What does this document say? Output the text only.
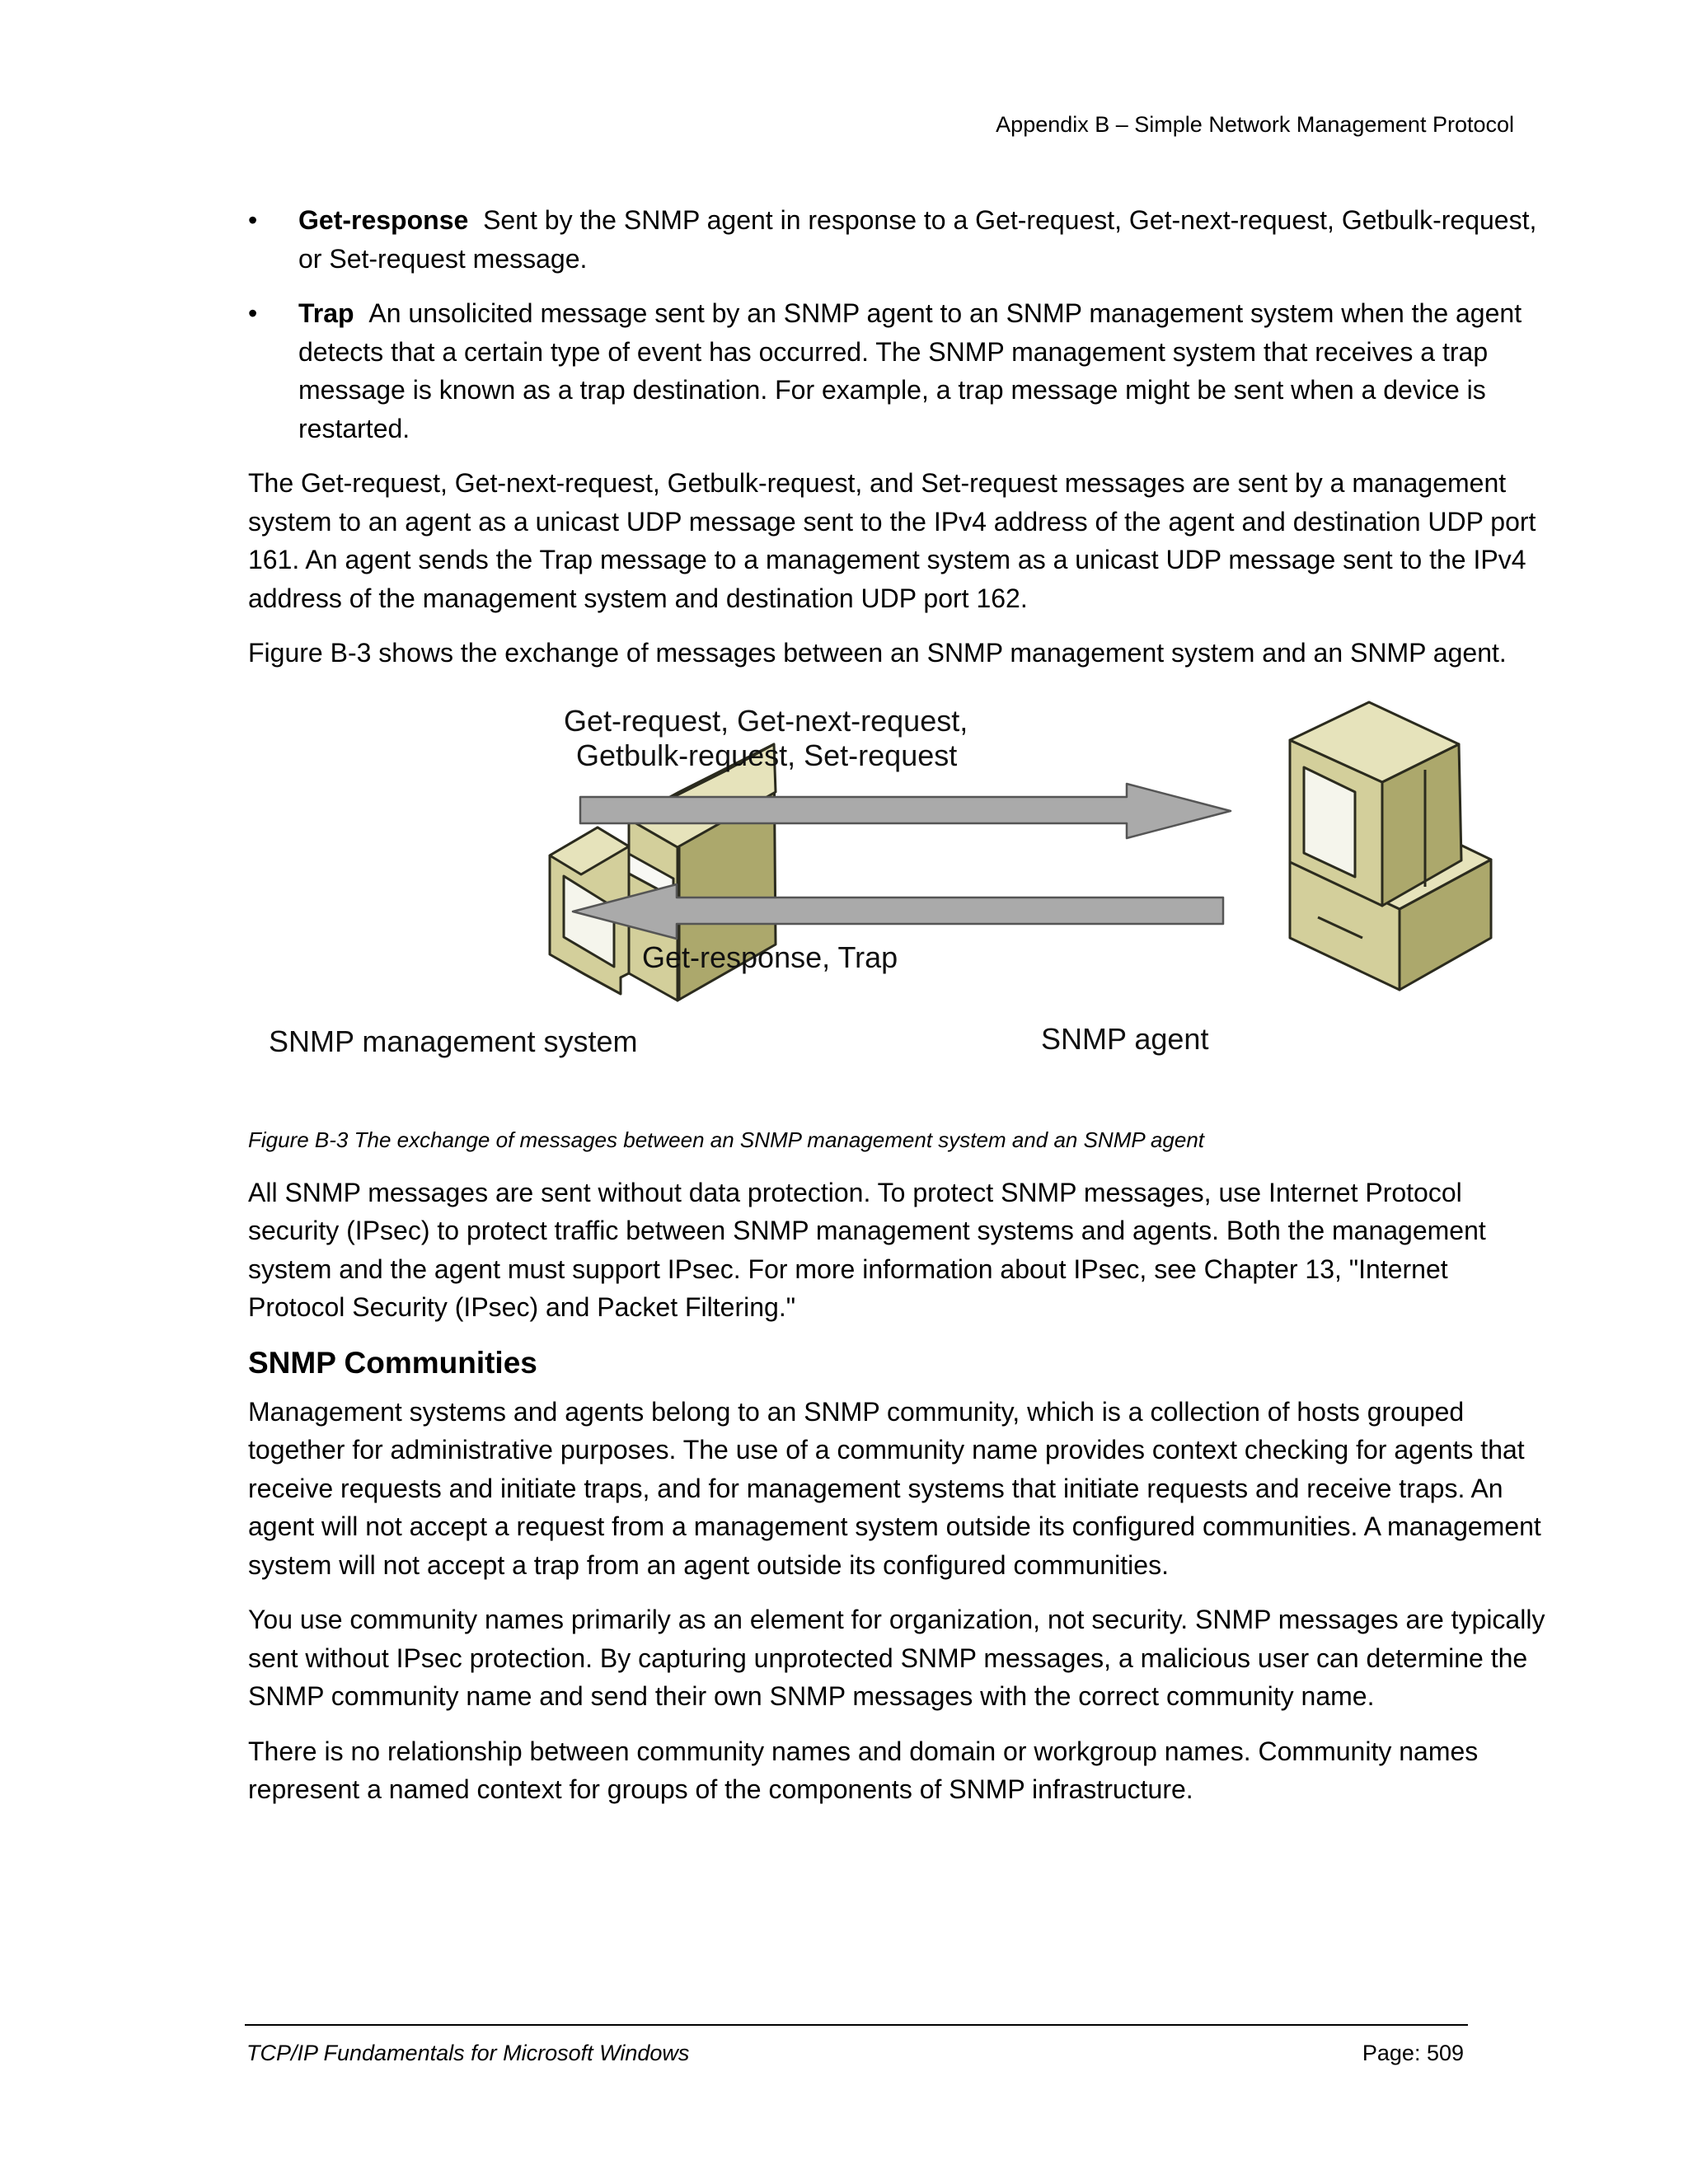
Appendix B – Simple Network Management Protocol
•	Get-response Sent by the SNMP agent in response to a Get-request, Get-next-request, Getbulk-request, or Set-request message.
•	Trap An unsolicited message sent by an SNMP agent to an SNMP management system when the agent detects that a certain type of event has occurred. The SNMP management system that receives a trap message is known as a trap destination. For example, a trap message might be sent when a device is restarted.

The Get-request, Get-next-request, Getbulk-request, and Set-request messages are sent by a management system to an agent as a unicast UDP message sent to the IPv4 address of the agent and destination UDP port 161. An agent sends the Trap message to a management system as a unicast UDP message sent to the IPv4 address of the management system and destination UDP port 162.

Figure B-3 shows the exchange of messages between an SNMP management system and an SNMP agent.

Get-request, Get-next-request,
Getbulk-request, Set-request
Get-response, Trap
SNMP management system	SNMP agent
Figure B-3 The exchange of messages between an SNMP management system and an SNMP agent

All SNMP messages are sent without data protection. To protect SNMP messages, use Internet Protocol security (IPsec) to protect traffic between SNMP management systems and agents. Both the management system and the agent must support IPsec. For more information about IPsec, see Chapter 13, "Internet Protocol Security (IPsec) and Packet Filtering."

SNMP Communities

Management systems and agents belong to an SNMP community, which is a collection of hosts grouped together for administrative purposes. The use of a community name provides context checking for agents that receive requests and initiate traps, and for management systems that initiate requests and receive traps. An agent will not accept a request from a management system outside its configured communities. A management system will not accept a trap from an agent outside its configured communities.

You use community names primarily as an element for organization, not security. SNMP messages are typically sent without IPsec protection. By capturing unprotected SNMP messages, a malicious user can determine the SNMP community name and send their own SNMP messages with the correct community name.

There is no relationship between community names and domain or workgroup names. Community names represent a named context for groups of the components of SNMP infrastructure.

TCP/IP Fundamentals for Microsoft Windows	Page: 509
